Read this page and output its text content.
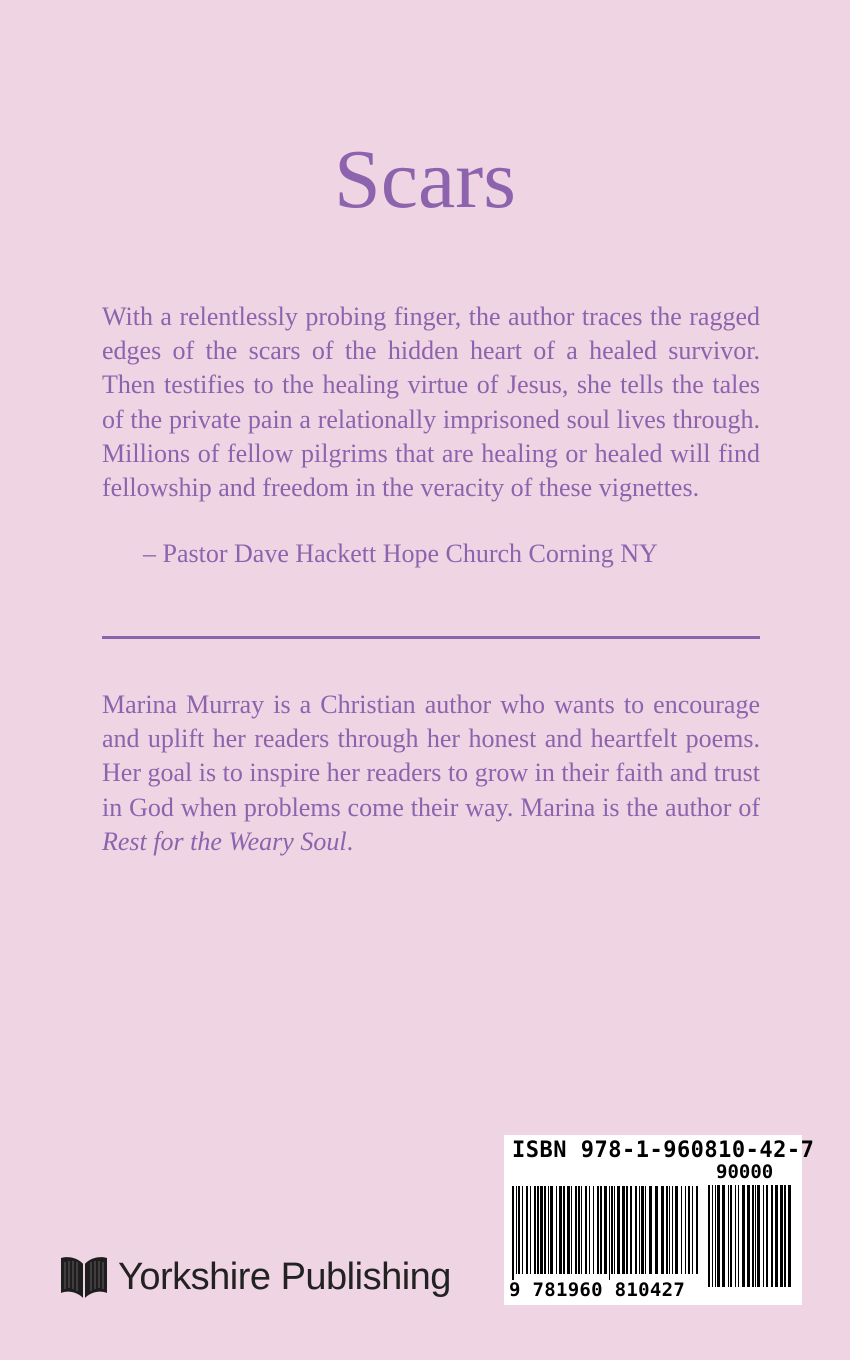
Scars

With a relentlessly probing finger, the author traces the ragged edges of the scars of the hidden heart of a healed survivor. Then testifies to the healing virtue of Jesus, she tells the tales of the private pain a relationally imprisoned soul lives through. Millions of fellow pilgrims that are healing or healed will find fellowship and freedom in the veracity of these vignettes.

– Pastor Dave Hackett Hope Church Corning NY
Marina Murray is a Christian author who wants to encourage and uplift her readers through her honest and heartfelt poems. Her goal is to inspire her readers to grow in their faith and trust in God when problems come their way. Marina is the author of Rest for the Weary Soul.
Yorkshire Publishing
ISBN 978-1-960810-42-7
90000
9 781960 810427
